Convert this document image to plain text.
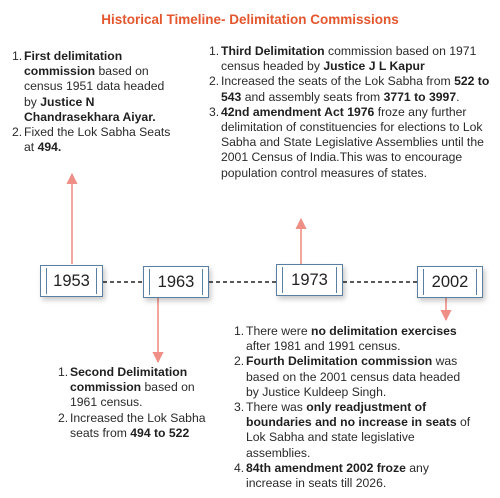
Historical Timeline- Delimitation Commissions
1953	1963	1973	2002
1. First delimitation commission based on census 1951 data headed by Justice N Chandrasekhara Aiyar.
2. Fixed the Lok Sabha Seats at 494.
1. Third Delimitation commission based on 1971 census headed by Justice J L Kapur
2. Increased the seats of the Lok Sabha from 522 to 543 and assembly seats from 3771 to 3997.
3. 42nd amendment Act 1976 froze any further delimitation of constituencies for elections to Lok Sabha and State Legislative Assemblies until the 2001 Census of India.This was to encourage population control measures of states.
1. Second Delimitation commission based on 1961 census.
2. Increased the Lok Sabha seats from 494 to 522
1. There were no delimitation exercises after 1981 and 1991 census.
2. Fourth Delimitation commission was based on the 2001 census data headed by Justice Kuldeep Singh.
3. There was only readjustment of boundaries and no increase in seats of Lok Sabha and state legislative assemblies.
4. 84th amendment 2002 froze any increase in seats till 2026.
